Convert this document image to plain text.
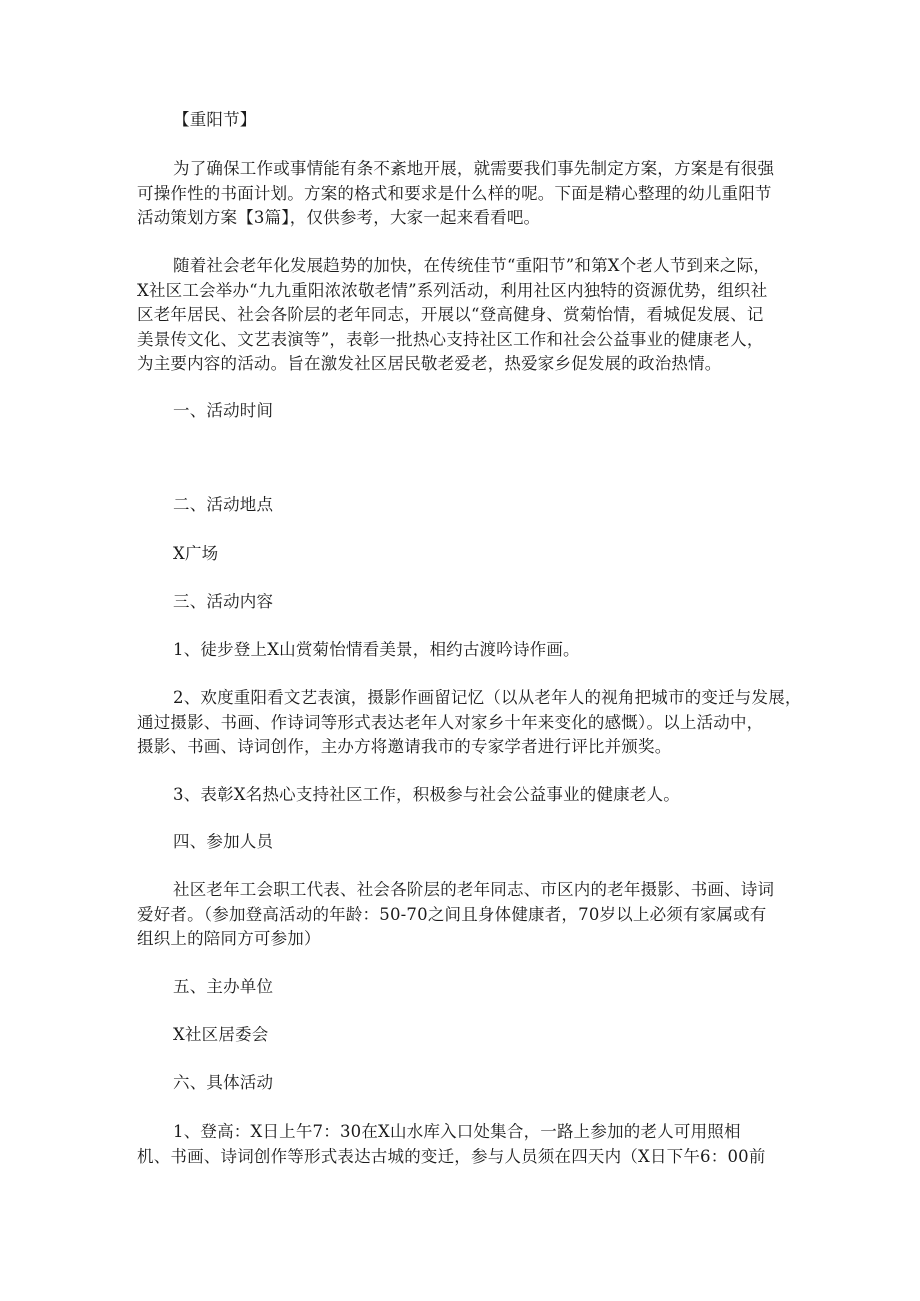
【重阳节】

为了确保工作或事情能有条不紊地开展，就需要我们事先制定方案，方案是有很强
可操作性的书面计划。方案的格式和要求是什么样的呢。下面是精心整理的幼儿重阳节
活动策划方案【3篇】，仅供参考，大家一起来看看吧。

随着社会老年化发展趋势的加快，在传统佳节“重阳节”和第X个老人节到来之际，
X社区工会举办“九九重阳浓浓敬老情”系列活动，利用社区内独特的资源优势，组织社
区老年居民、社会各阶层的老年同志，开展以“登高健身、赏菊怡情，看城促发展、记
美景传文化、文艺表演等”，表彰一批热心支持社区工作和社会公益事业的健康老人，
为主要内容的活动。旨在激发社区居民敬老爱老，热爱家乡促发展的政治热情。

一、活动时间

二、活动地点

X广场

三、活动内容

1、徒步登上X山赏菊怡情看美景，相约古渡吟诗作画。

2、欢度重阳看文艺表演，摄影作画留记忆（以从老年人的视角把城市的变迁与发展，
通过摄影、书画、作诗词等形式表达老年人对家乡十年来变化的感慨）。以上活动中，
摄影、书画、诗词创作，主办方将邀请我市的专家学者进行评比并颁奖。

3、表彰X名热心支持社区工作，积极参与社会公益事业的健康老人。

四、参加人员

社区老年工会职工代表、社会各阶层的老年同志、市区内的老年摄影、书画、诗词
爱好者。（参加登高活动的年龄：50-70之间且身体健康者，70岁以上必须有家属或有
组织上的陪同方可参加）

五、主办单位

X社区居委会

六、具体活动

1、登高：X日上午7：30在X山水库入口处集合，一路上参加的老人可用照相
机、书画、诗词创作等形式表达古城的变迁，参与人员须在四天内（X日下午6：00前
